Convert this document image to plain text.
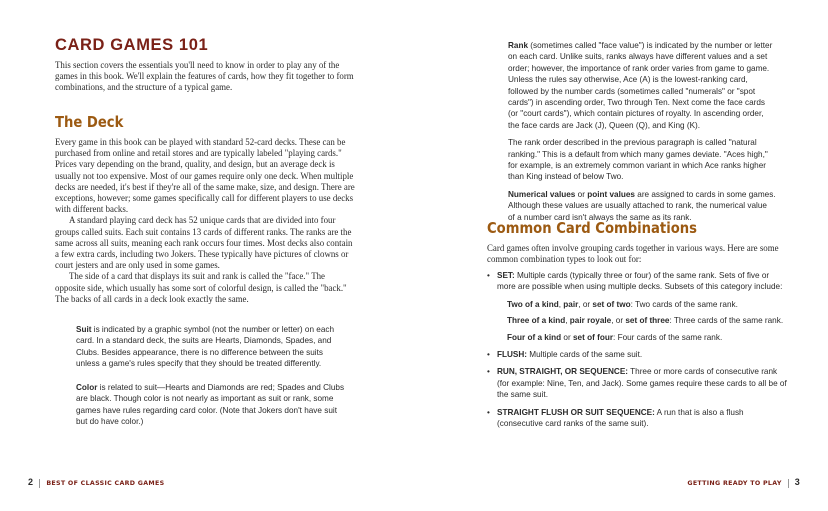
CARD GAMES 101

This section covers the essentials you'll need to know in order to play any of the games in this book. We'll explain the features of cards, how they fit together to form combinations, and the structure of a typical game.

The Deck

Every game in this book can be played with standard 52-card decks. These can be purchased from online and retail stores and are typically labeled "playing cards." Prices vary depending on the brand, quality, and design, but an average deck is usually not too expensive. Most of our games require only one deck. When multiple decks are needed, it's best if they're all of the same make, size, and design. There are exceptions, however; some games specifically call for different players to use decks with different backs.

A standard playing card deck has 52 unique cards that are divided into four groups called suits. Each suit contains 13 cards of different ranks. The ranks are the same across all suits, meaning each rank occurs four times. Most decks also contain a few extra cards, including two Jokers. These typically have pictures of clowns or court jesters and are only used in some games.

The side of a card that displays its suit and rank is called the "face." The opposite side, which usually has some sort of colorful design, is called the "back." The backs of all cards in a deck look exactly the same.

Suit is indicated by a graphic symbol (not the number or letter) on each card. In a standard deck, the suits are Hearts, Diamonds, Spades, and Clubs. Besides appearance, there is no difference between the suits unless a game's rules specify that they should be treated differently.

Color is related to suit—Hearts and Diamonds are red; Spades and Clubs are black. Though color is not nearly as important as suit or rank, some games have rules regarding card color. (Note that Jokers don't have suit but do have color.)

2 BEST OF CLASSIC CARD GAMES

Rank (sometimes called "face value") is indicated by the number or letter on each card. Unlike suits, ranks always have different values and a set order; however, the importance of rank order varies from game to game. Unless the rules say otherwise, Ace (A) is the lowest-ranking card, followed by the number cards (sometimes called "numerals" or "spot cards") in ascending order, Two through Ten. Next come the face cards (or "court cards"), which contain pictures of royalty. In ascending order, the face cards are Jack (J), Queen (Q), and King (K).

The rank order described in the previous paragraph is called "natural ranking." This is a default from which many games deviate. "Aces high," for example, is an extremely common variant in which Ace ranks higher than King instead of below Two.

Numerical values or point values are assigned to cards in some games. Although these values are usually attached to rank, the numerical value of a number card isn't always the same as its rank.

Common Card Combinations

Card games often involve grouping cards together in various ways. Here are some common combination types to look out for:

• SET: Multiple cards (typically three or four) of the same rank. Sets of five or more are possible when using multiple decks. Subsets of this category include:

Two of a kind, pair, or set of two: Two cards of the same rank.

Three of a kind, pair royale, or set of three: Three cards of the same rank.

Four of a kind or set of four: Four cards of the same rank.

• FLUSH: Multiple cards of the same suit.
• RUN, STRAIGHT, OR SEQUENCE: Three or more cards of consecutive rank (for example: Nine, Ten, and Jack). Some games require these cards to all be of the same suit.
• STRAIGHT FLUSH OR SUIT SEQUENCE: A run that is also a flush (consecutive card ranks of the same suit).
GETTING READY TO PLAY 3
